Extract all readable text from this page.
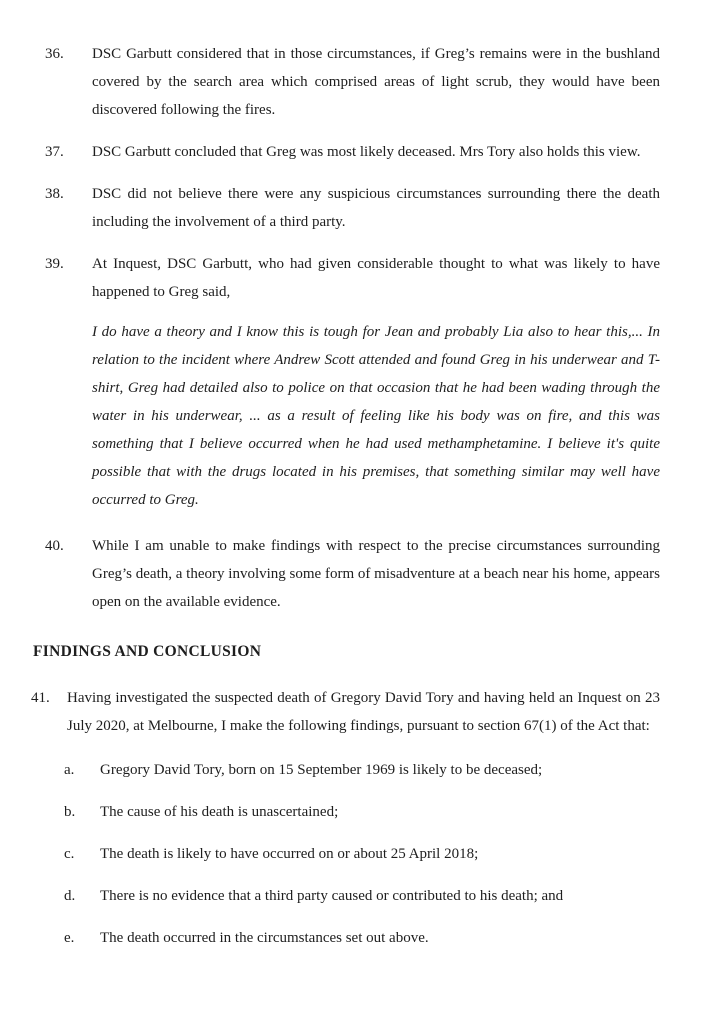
36.	DSC Garbutt considered that in those circumstances, if Greg’s remains were in the bushland covered by the search area which comprised areas of light scrub, they would have been discovered following the fires.

37.	DSC Garbutt concluded that Greg was most likely deceased. Mrs Tory also holds this view.

38.	DSC did not believe there were any suspicious circumstances surrounding there the death including the involvement of a third party.

39.	At Inquest, DSC Garbutt, who had given considerable thought to what was likely to have happened to Greg said,

I do have a theory and I know this is tough for Jean and probably Lia also to hear this,... In relation to the incident where Andrew Scott attended and found Greg in his underwear and T-shirt, Greg had detailed also to police on that occasion that he had been wading through the water in his underwear, ... as a result of feeling like his body was on fire, and this was something that I believe occurred when he had used methamphetamine. I believe it's quite possible that with the drugs located in his premises, that something similar may well have occurred to Greg.

40.	While I am unable to make findings with respect to the precise circumstances surrounding Greg’s death, a theory involving some form of misadventure at a beach near his home, appears open on the available evidence.

FINDINGS AND CONCLUSION
41.	Having investigated the suspected death of Gregory David Tory and having held an Inquest on 23 July 2020, at Melbourne, I make the following findings, pursuant to section 67(1) of the Act that:

a.	Gregory David Tory, born on 15 September 1969 is likely to be deceased;

b.	The cause of his death is unascertained;

c.	The death is likely to have occurred on or about 25 April 2018;

d.	There is no evidence that a third party caused or contributed to his death; and

e.	The death occurred in the circumstances set out above.
